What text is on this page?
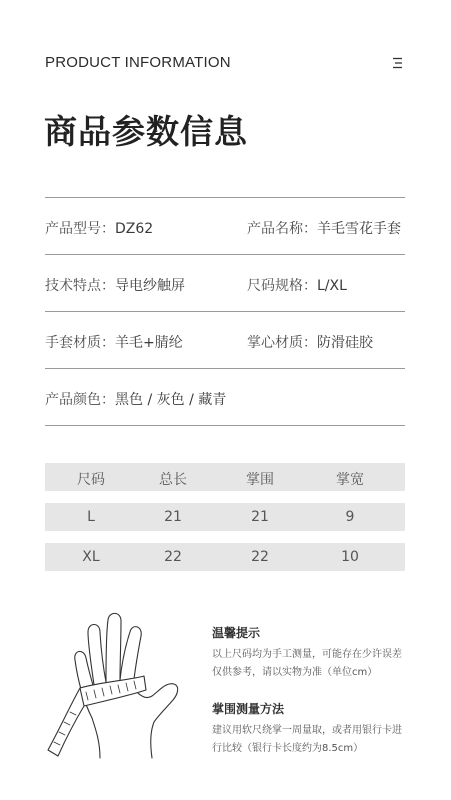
PRODUCT INFORMATION
商品参数信息
产品型号：DZ62	产品名称：羊毛雪花手套
技术特点：导电纱触屏	尺码规格：L/XL
手套材质：羊毛+腈纶	掌心材质：防滑硅胶
产品颜色：黑色 / 灰色 / 藏青
尺码	总长	掌围	掌宽
L	21	21	9
XL	22	22	10
温馨提示
以上尺码均为手工测量，可能存在少许误差仅供参考，请以实物为准（单位cm）
掌围测量方法
建议用软尺绕掌一周量取，或者用银行卡进行比较（银行卡长度约为8.5cm）
